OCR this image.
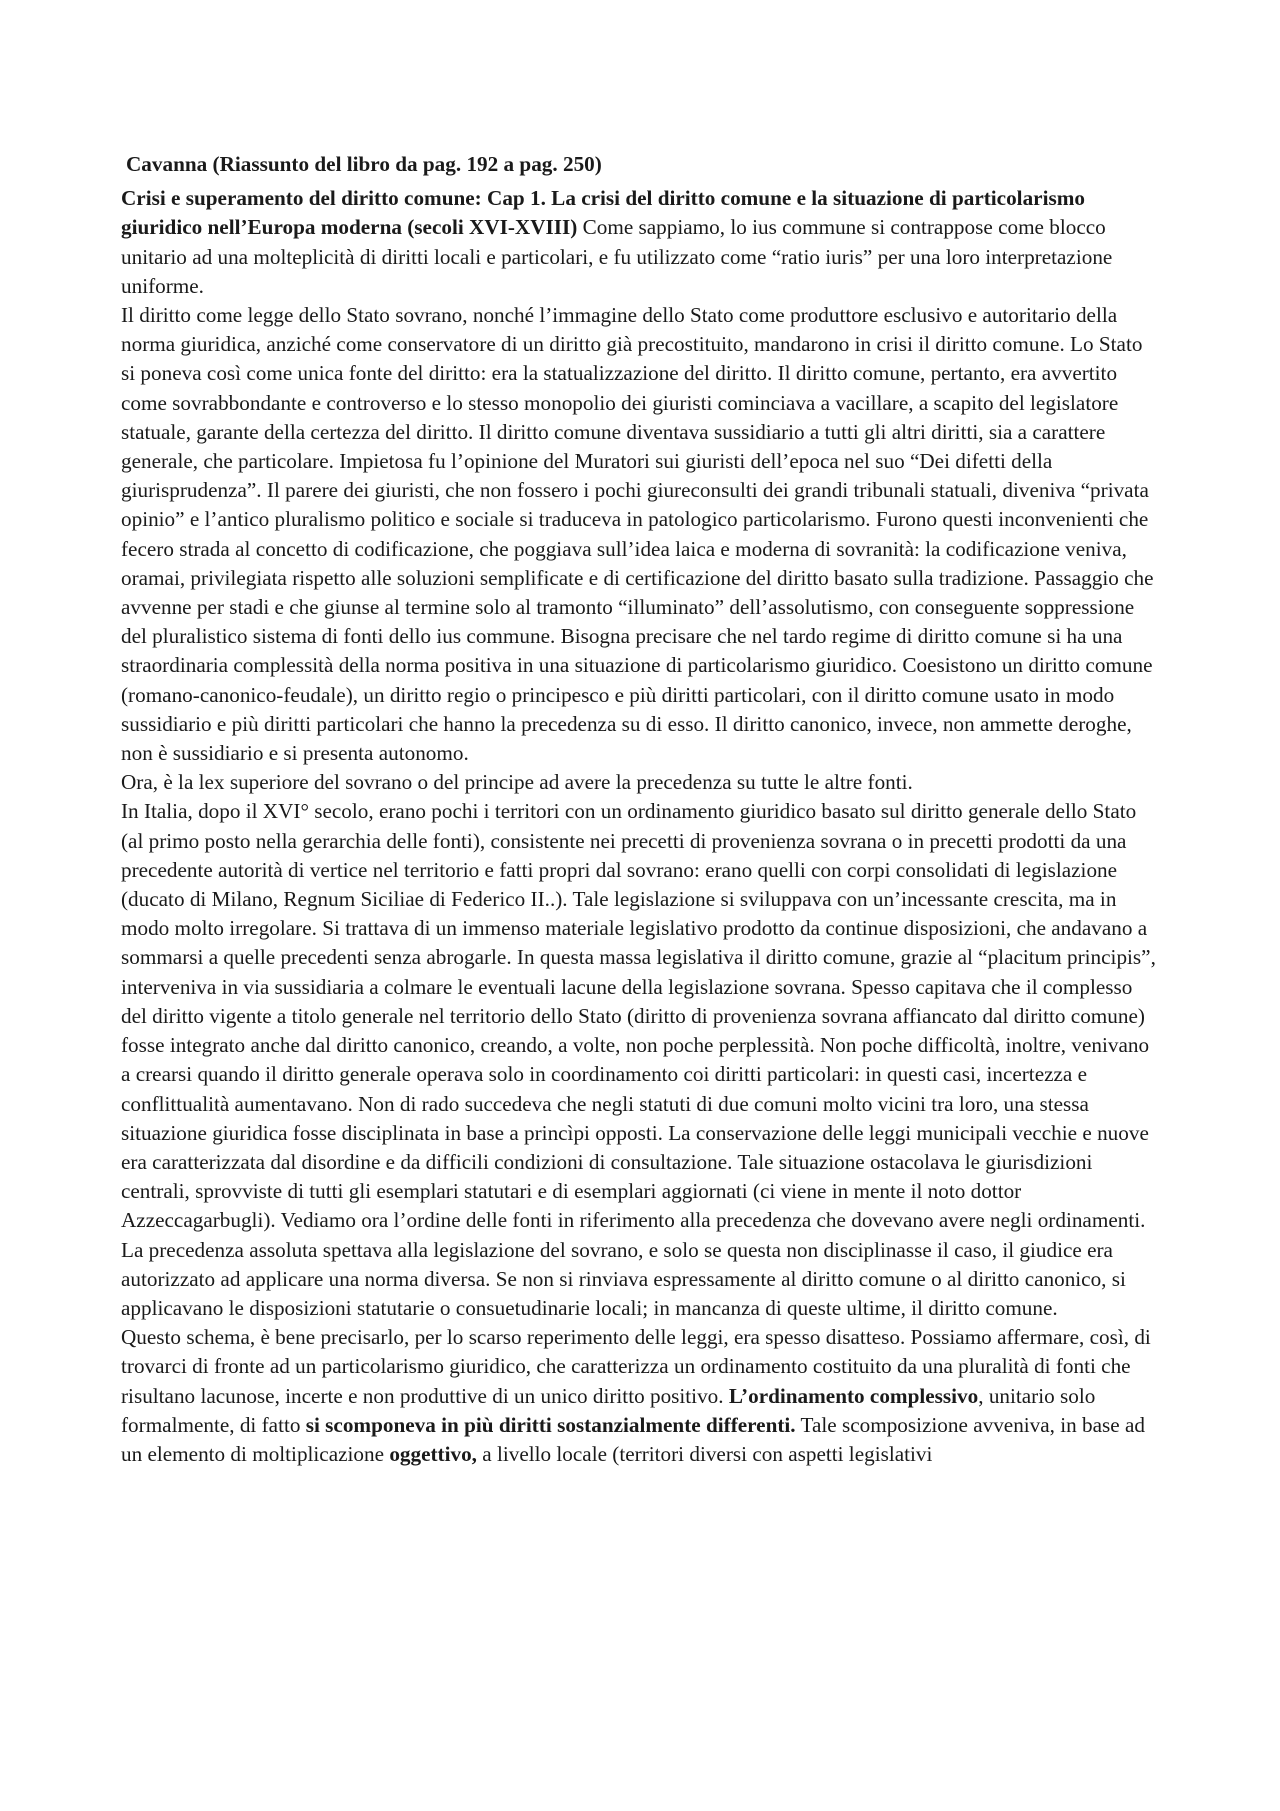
Cavanna (Riassunto del libro da pag. 192 a pag. 250)

Crisi e superamento del diritto comune: Cap 1. La crisi del diritto comune e la situazione di particolarismo giuridico nell’Europa moderna (secoli XVI-XVIII) Come sappiamo, lo ius commune si contrappose come blocco unitario ad una molteplicità di diritti locali e particolari, e fu utilizzato come “ratio iuris” per una loro interpretazione uniforme.

Il diritto come legge dello Stato sovrano, nonché l’immagine dello Stato come produttore esclusivo e autoritario della norma giuridica, anziché come conservatore di un diritto già precostituito, mandarono in crisi il diritto comune. Lo Stato si poneva così come unica fonte del diritto: era la statualizzazione del diritto. Il diritto comune, pertanto, era avvertito come sovrabbondante e controverso e lo stesso monopolio dei giuristi cominciava a vacillare, a scapito del legislatore statuale, garante della certezza del diritto. Il diritto comune diventava sussidiario a tutti gli altri diritti, sia a carattere generale, che particolare. Impietosa fu l’opinione del Muratori sui giuristi dell’epoca nel suo “Dei difetti della giurisprudenza”. Il parere dei giuristi, che non fossero i pochi giureconsulti dei grandi tribunali statuali, diveniva “privata opinio” e l’antico pluralismo politico e sociale si traduceva in patologico particolarismo. Furono questi inconvenienti che fecero strada al concetto di codificazione, che poggiava sull’idea laica e moderna di sovranità: la codificazione veniva, oramai, privilegiata rispetto alle soluzioni semplificate e di certificazione del diritto basato sulla tradizione. Passaggio che avvenne per stadi e che giunse al termine solo al tramonto “illuminato” dell’assolutismo, con conseguente soppressione del pluralistico sistema di fonti dello ius commune. Bisogna precisare che nel tardo regime di diritto comune si ha una straordinaria complessità della norma positiva in una situazione di particolarismo giuridico. Coesistono un diritto comune (romano-canonico-feudale), un diritto regio o principesco e più diritti particolari, con il diritto comune usato in modo sussidiario e più diritti particolari che hanno la precedenza su di esso. Il diritto canonico, invece, non ammette deroghe, non è sussidiario e si presenta autonomo.

Ora, è la lex superiore del sovrano o del principe ad avere la precedenza su tutte le altre fonti.

In Italia, dopo il XVI° secolo, erano pochi i territori con un ordinamento giuridico basato sul diritto generale dello Stato (al primo posto nella gerarchia delle fonti), consistente nei precetti di provenienza sovrana o in precetti prodotti da una precedente autorità di vertice nel territorio e fatti propri dal sovrano: erano quelli con corpi consolidati di legislazione (ducato di Milano, Regnum Siciliae di Federico II..). Tale legislazione si sviluppava con un’incessante crescita, ma in modo molto irregolare. Si trattava di un immenso materiale legislativo prodotto da continue disposizioni, che andavano a sommarsi a quelle precedenti senza abrogarle. In questa massa legislativa il diritto comune, grazie al “placitum principis”, interveniva in via sussidiaria a colmare le eventuali lacune della legislazione sovrana. Spesso capitava che il complesso del diritto vigente a titolo generale nel territorio dello Stato (diritto di provenienza sovrana affiancato dal diritto comune) fosse integrato anche dal diritto canonico, creando, a volte, non poche perplessità. Non poche difficoltà, inoltre, venivano a crearsi quando il diritto generale operava solo in coordinamento coi diritti particolari: in questi casi, incertezza e conflittualità aumentavano. Non di rado succedeva che negli statuti di due comuni molto vicini tra loro, una stessa situazione giuridica fosse disciplinata in base a princìpi opposti. La conservazione delle leggi municipali vecchie e nuove era caratterizzata dal disordine e da difficili condizioni di consultazione. Tale situazione ostacolava le giurisdizioni centrali, sprovviste di tutti gli esemplari statutari e di esemplari aggiornati (ci viene in mente il noto dottor Azzeccagarbugli). Vediamo ora l’ordine delle fonti in riferimento alla precedenza che dovevano avere negli ordinamenti. La precedenza assoluta spettava alla legislazione del sovrano, e solo se questa non disciplinasse il caso, il giudice era autorizzato ad applicare una norma diversa. Se non si rinviava espressamente al diritto comune o al diritto canonico, si applicavano le disposizioni statutarie o consuetudinarie locali; in mancanza di queste ultime, il diritto comune.

Questo schema, è bene precisarlo, per lo scarso reperimento delle leggi, era spesso disatteso. Possiamo affermare, così, di trovarci di fronte ad un particolarismo giuridico, che caratterizza un ordinamento costituito da una pluralità di fonti che risultano lacunose, incerte e non produttive di un unico diritto positivo. L’ordinamento complessivo, unitario solo formalmente, di fatto si scomponeva in più diritti sostanzialmente differenti. Tale scomposizione avveniva, in base ad un elemento di moltiplicazione oggettivo, a livello locale (territori diversi con aspetti legislativi
